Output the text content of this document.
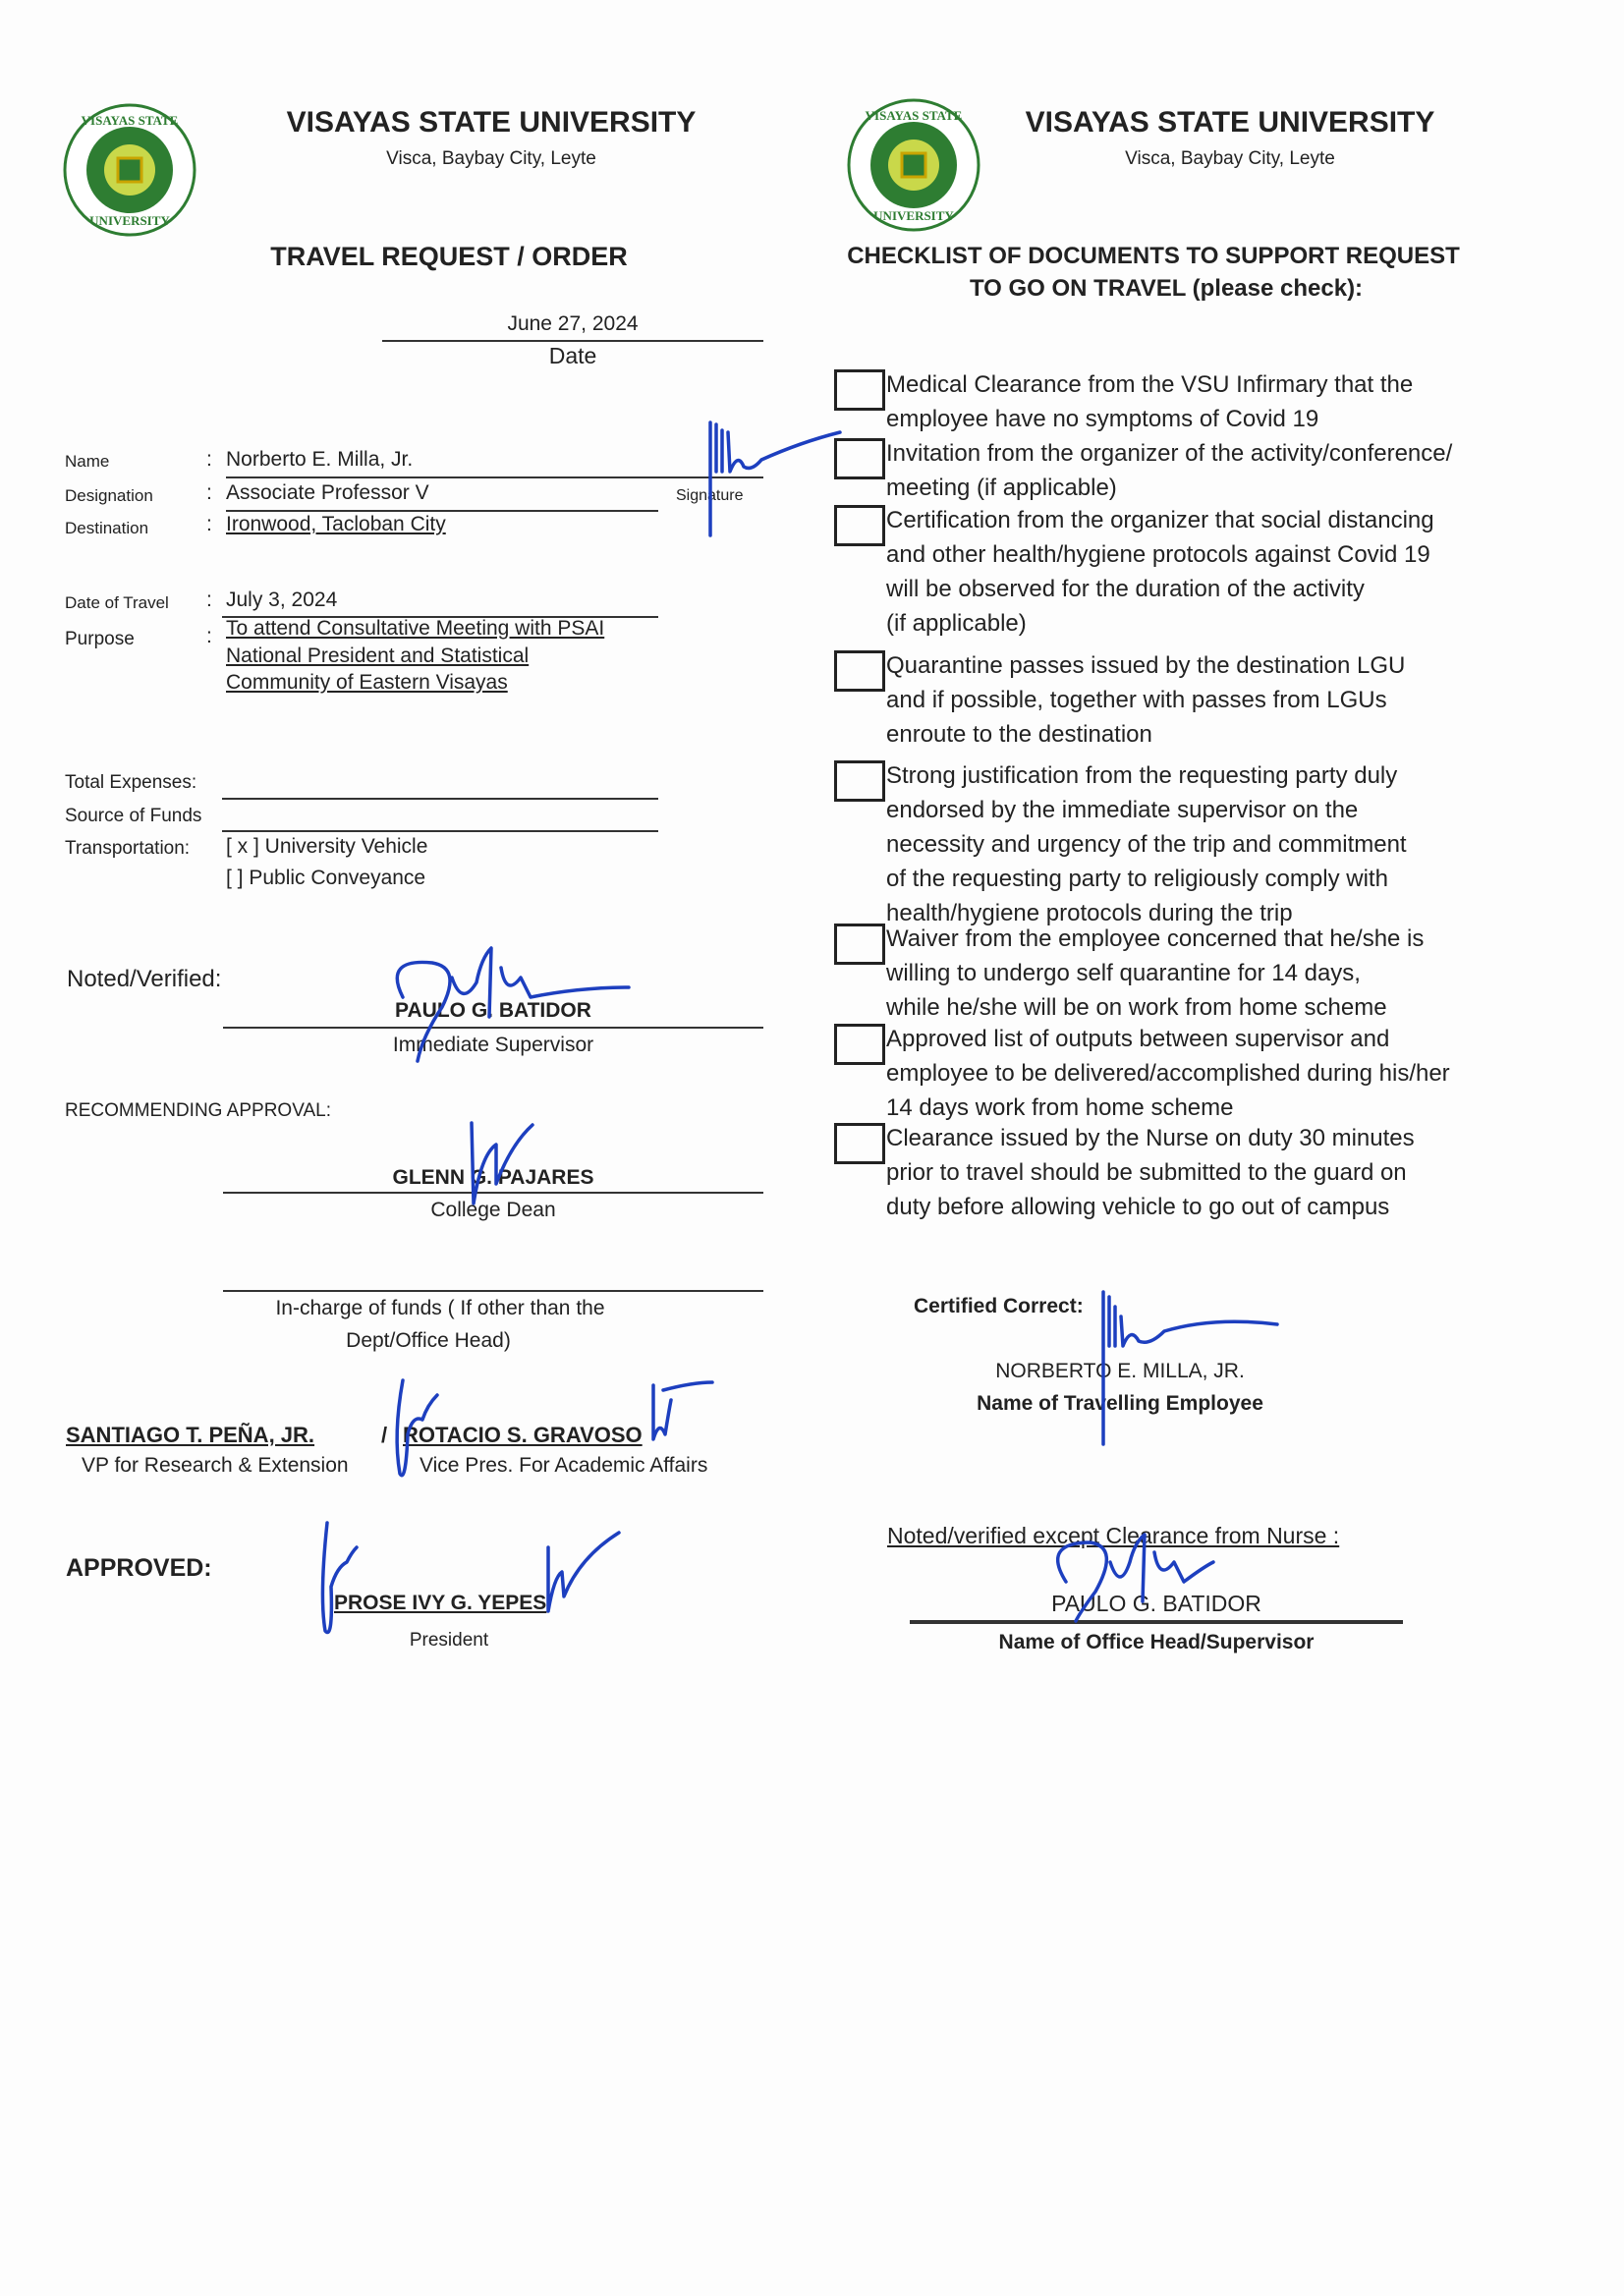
VISAYAS STATE
UNIVERSITY
VISAYAS STATE UNIVERSITY
Visca, Baybay City, Leyte
TRAVEL REQUEST / ORDER
June 27, 2024
Date
Name	: Norberto E. Milla, Jr.
Designation	: Associate Professor V	Signature
Destination	: Ironwood, Tacloban City
Date of Travel : July 3, 2024
Purpose	: To attend Consultative Meeting with PSAI
National President and Statistical
Community of Eastern Visayas
Total Expenses:
Source of Funds
Transportation: [ x ] University Vehicle
[ ] Public Conveyance
Noted/Verified:
PAULO G. BATIDOR
Immediate Supervisor
RECOMMENDING APPROVAL:
GLENN G. PAJARES
College Dean
In-charge of funds ( If other than the
Dept/Office Head)
SANTIAGO T. PEÑA, JR.	/ ROTACIO S. GRAVOSO
VP for Research & Extension	Vice Pres. For Academic Affairs
APPROVED:
PROSE IVY G. YEPES
President
VISAYAS STATE
UNIVERSITY
VISAYAS STATE UNIVERSITY
Visca, Baybay City, Leyte
CHECKLIST OF DOCUMENTS TO SUPPORT REQUEST
TO GO ON TRAVEL (please check):
Medical Clearance from the VSU Infirmary that the
employee have no symptoms of Covid 19
Invitation from the organizer of the activity/conference/
meeting (if applicable)
Certification from the organizer that social distancing
and other health/hygiene protocols against Covid 19
will be observed for the duration of the activity
(if applicable)
Quarantine passes issued by the destination LGU
and if possible, together with passes from LGUs
enroute to the destination
Strong justification from the requesting party duly
endorsed by the immediate supervisor on the
necessity and urgency of the trip and commitment
of the requesting party to religiously comply with
health/hygiene protocols during the trip
Waiver from the employee concerned that he/she is
willing to undergo self quarantine for 14 days,
while he/she will be on work from home scheme
Approved list of outputs between supervisor and
employee to be delivered/accomplished during his/her
14 days work from home scheme
Clearance issued by the Nurse on duty 30 minutes
prior to travel should be submitted to the guard on
duty before allowing vehicle to go out of campus
Certified Correct:
NORBERTO E. MILLA, JR.
Name of Travelling Employee
Noted/verified except Clearance from Nurse :
PAULO G. BATIDOR
Name of Office Head/Supervisor
